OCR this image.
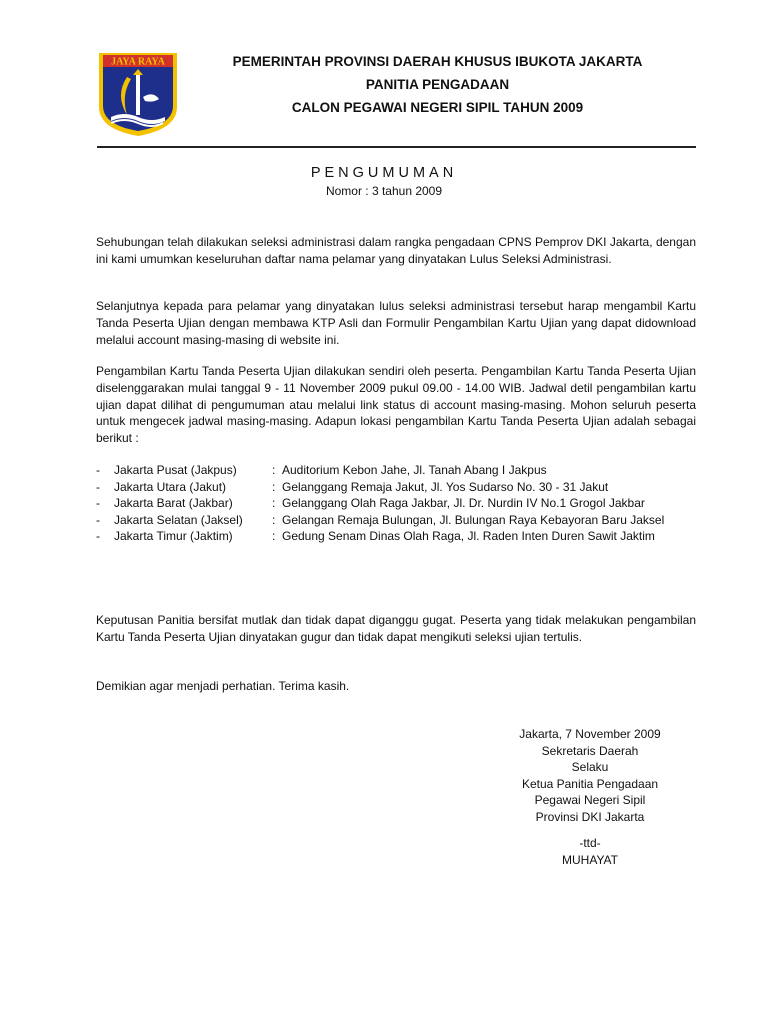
JAYA RAYA	PEMERINTAH PROVINSI DAERAH KHUSUS IBUKOTA JAKARTA
PANITIA PENGADAAN
CALON PEGAWAI NEGERI SIPIL TAHUN 2009
PENGUMUMAN
Nomor : 3 tahun 2009
Sehubungan telah dilakukan seleksi administrasi dalam rangka pengadaan CPNS Pemprov DKI Jakarta, dengan ini kami umumkan keseluruhan daftar nama pelamar yang dinyatakan Lulus Seleksi Administrasi.
Selanjutnya kepada para pelamar yang dinyatakan lulus seleksi administrasi tersebut harap mengambil Kartu Tanda Peserta Ujian dengan membawa KTP Asli dan Formulir Pengambilan Kartu Ujian yang dapat didownload melalui account masing-masing di website ini.
Pengambilan Kartu Tanda Peserta Ujian dilakukan sendiri oleh peserta. Pengambilan Kartu Tanda Peserta Ujian diselenggarakan mulai tanggal 9 - 11 November 2009 pukul 09.00 - 14.00 WIB. Jadwal detil pengambilan kartu ujian dapat dilihat di pengumuman atau melalui link status di account masing-masing. Mohon seluruh peserta untuk mengecek jadwal masing-masing. Adapun lokasi pengambilan Kartu Tanda Peserta Ujian adalah sebagai berikut :
-	Jakarta Pusat (Jakpus)	: Auditorium Kebon Jahe, Jl. Tanah Abang I Jakpus
-	Jakarta Utara (Jakut)	: Gelanggang Remaja Jakut, Jl. Yos Sudarso No. 30 - 31 Jakut
-	Jakarta Barat (Jakbar)	: Gelanggang Olah Raga Jakbar, Jl. Dr. Nurdin IV No.1 Grogol Jakbar
-	Jakarta Selatan (Jaksel)	: Gelangan Remaja Bulungan, Jl. Bulungan Raya Kebayoran Baru Jaksel
-	Jakarta Timur (Jaktim)	: Gedung Senam Dinas Olah Raga, Jl. Raden Inten Duren Sawit Jaktim
Keputusan Panitia bersifat mutlak dan tidak dapat diganggu gugat. Peserta yang tidak melakukan pengambilan Kartu Tanda Peserta Ujian dinyatakan gugur dan tidak dapat mengikuti seleksi ujian tertulis.
Demikian agar menjadi perhatian. Terima kasih.
Jakarta, 7 November 2009
Sekretaris Daerah
Selaku
Ketua Panitia Pengadaan
Pegawai Negeri Sipil
Provinsi DKI Jakarta
-ttd-
MUHAYAT
